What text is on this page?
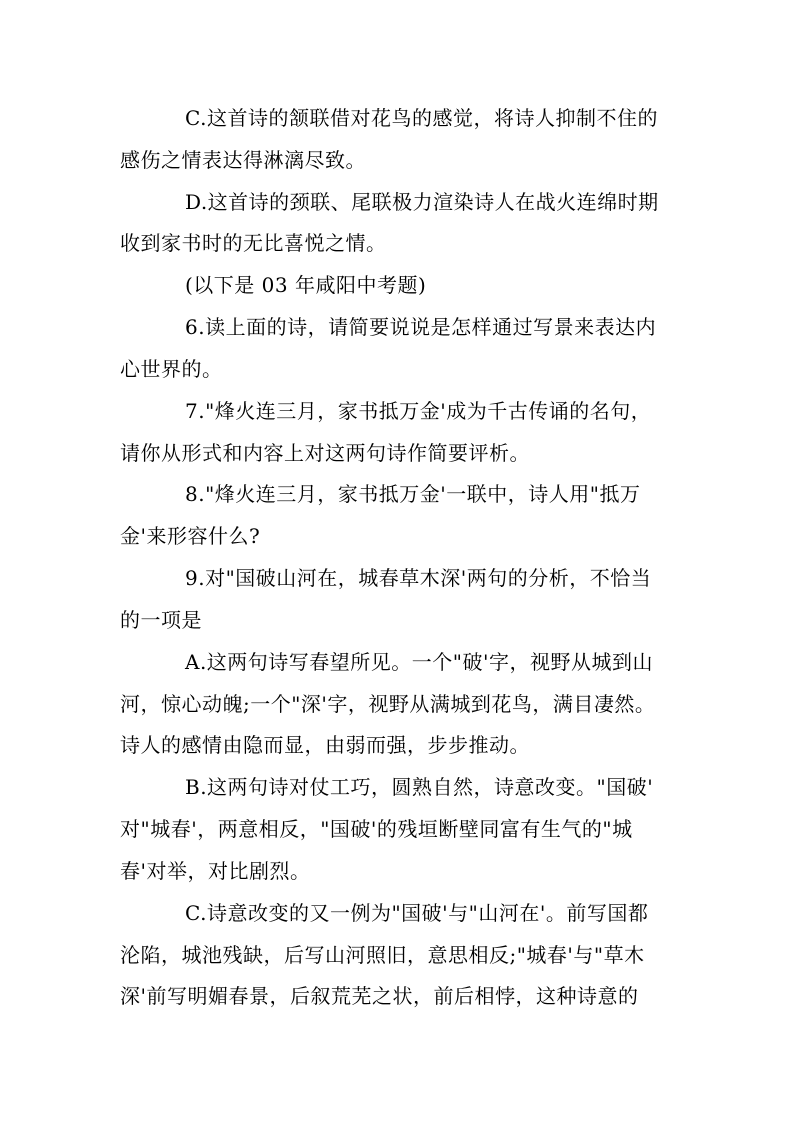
C.这首诗的颔联借对花鸟的感觉，将诗人抑制不住的
感伤之情表达得淋漓尽致。
D.这首诗的颈联、尾联极力渲染诗人在战火连绵时期
收到家书时的无比喜悦之情。
(以下是 03 年咸阳中考题)
6.读上面的诗，请简要说说是怎样通过写景来表达内
心世界的。
7."烽火连三月，家书抵万金'成为千古传诵的名句，
请你从形式和内容上对这两句诗作简要评析。
8."烽火连三月，家书抵万金'一联中，诗人用"抵万
金'来形容什么?
9.对"国破山河在，城春草木深'两句的分析，不恰当
的一项是
A.这两句诗写春望所见。一个"破'字，视野从城到山
河，惊心动魄;一个"深'字，视野从满城到花鸟，满目凄然。
诗人的感情由隐而显，由弱而强，步步推动。
B.这两句诗对仗工巧，圆熟自然，诗意改变。"国破'
对"城春'，两意相反，"国破'的残垣断壁同富有生气的"城
春'对举，对比剧烈。
C.诗意改变的又一例为"国破'与"山河在'。前写国都
沦陷，城池残缺，后写山河照旧，意思相反;"城春'与"草木
深'前写明媚春景，后叙荒芜之状，前后相悖，这种诗意的
